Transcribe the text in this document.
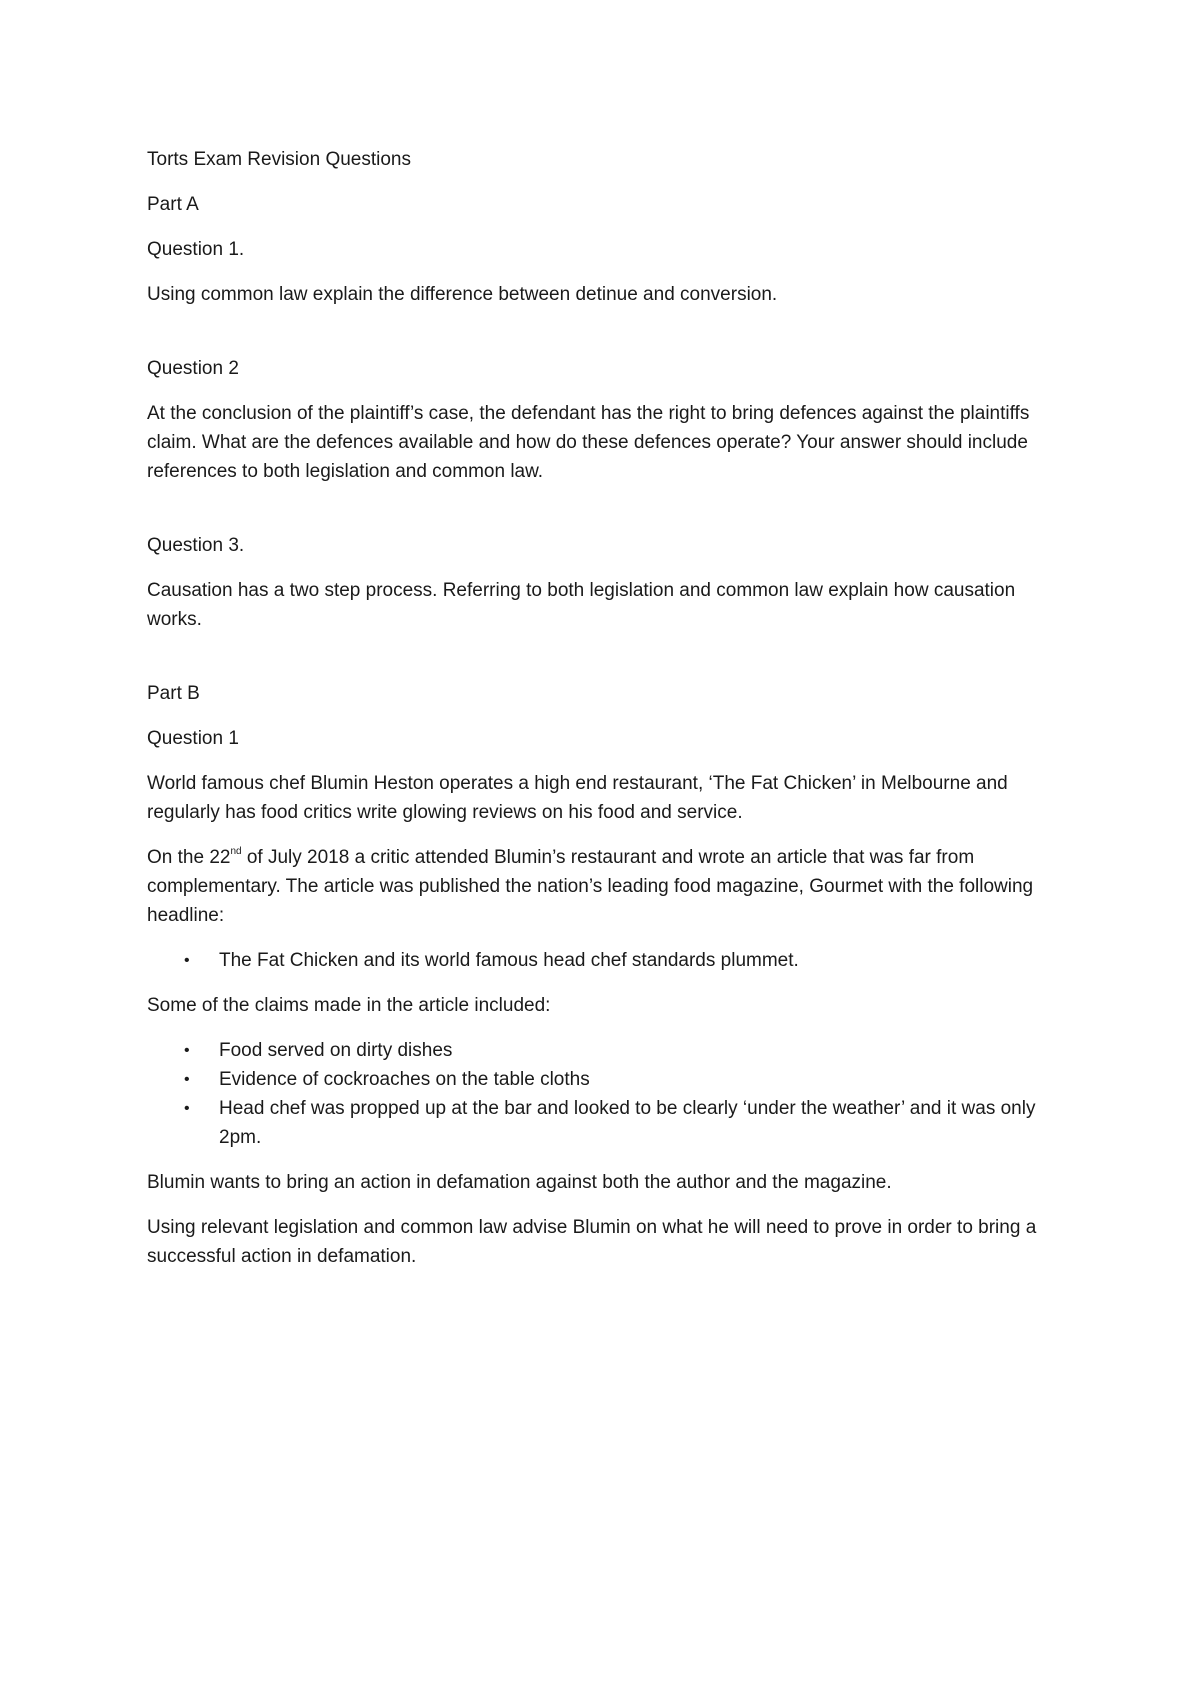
Torts Exam Revision Questions

Part A

Question 1.

Using common law explain the difference between detinue and conversion.

Question 2

At the conclusion of the plaintiff’s case, the defendant has the right to bring defences against the plaintiffs claim. What are the defences available and how do these defences operate? Your answer should include references to both legislation and common law.

Question 3.

Causation has a two step process. Referring to both legislation and common law explain how causation works.

Part B

Question 1

World famous chef Blumin Heston operates a high end restaurant, ‘The Fat Chicken’ in Melbourne and regularly has food critics write glowing reviews on his food and service.

On the 22nd of July 2018 a critic attended Blumin’s restaurant and wrote an article that was far from complementary. The article was published the nation’s leading food magazine, Gourmet with the following headline:

• The Fat Chicken and its world famous head chef standards plummet.

Some of the claims made in the article included:

• Food served on dirty dishes
• Evidence of cockroaches on the table cloths
• Head chef was propped up at the bar and looked to be clearly ‘under the weather’ and it was only 2pm.

Blumin wants to bring an action in defamation against both the author and the magazine.

Using relevant legislation and common law advise Blumin on what he will need to prove in order to bring a successful action in defamation.
